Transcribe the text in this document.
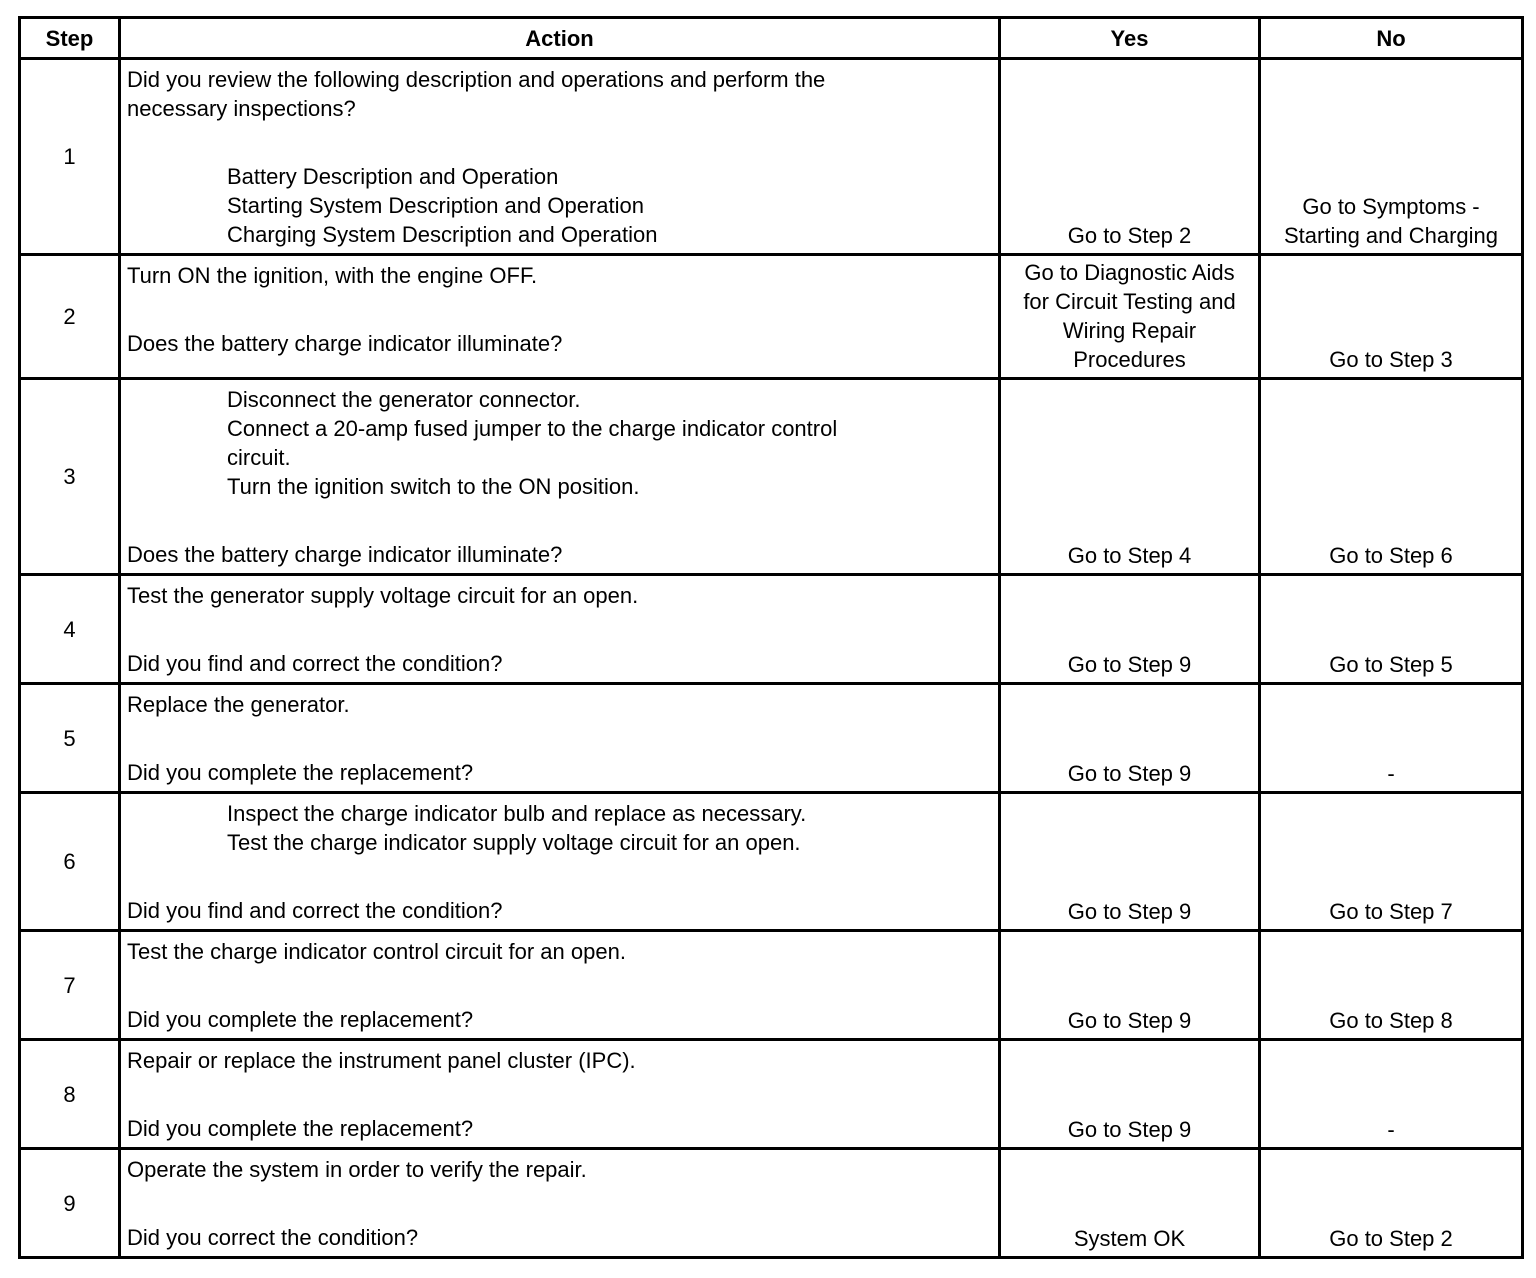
Step	Action	Yes	No
1	Did you review the following description and operations and perform the
necessary inspections?
Battery Description and Operation
Starting System Description and Operation
Charging System Description and Operation	Go to Step 2	Go to Symptoms -
Starting and Charging

2	Turn ON the ignition, with the engine OFF.
Does the battery charge indicator illuminate?	Go to Diagnostic Aids
for Circuit Testing and
Wiring Repair
Procedures	Go to Step 3

3	Disconnect the generator connector.
Connect a 20-amp fused jumper to the charge indicator control
circuit.
Turn the ignition switch to the ON position.
Does the battery charge indicator illuminate?	Go to Step 4	Go to Step 6

4	Test the generator supply voltage circuit for an open.
Did you find and correct the condition?	Go to Step 9	Go to Step 5

5	Replace the generator.
Did you complete the replacement?	Go to Step 9	-

6	Inspect the charge indicator bulb and replace as necessary.
Test the charge indicator supply voltage circuit for an open.
Did you find and correct the condition?	Go to Step 9	Go to Step 7

7	Test the charge indicator control circuit for an open.
Did you complete the replacement?	Go to Step 9	Go to Step 8

8	Repair or replace the instrument panel cluster (IPC).
Did you complete the replacement?	Go to Step 9	-

9	Operate the system in order to verify the repair.
Did you correct the condition?	System OK	Go to Step 2
